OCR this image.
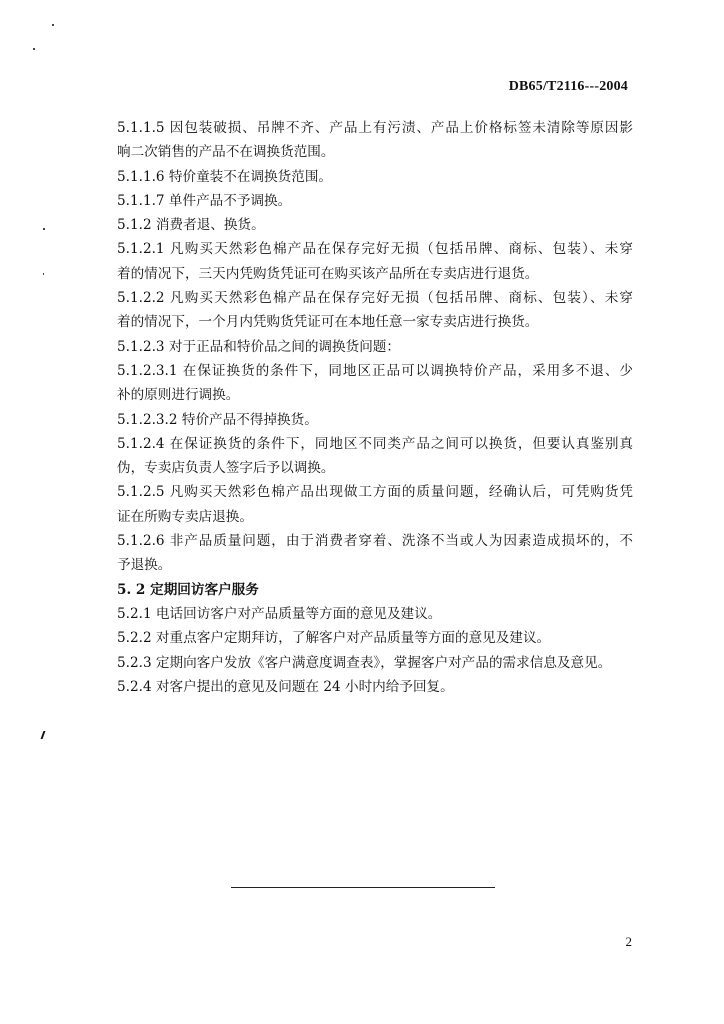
DB65/T2116---2004
5.1.1.5 因包装破损、吊牌不齐、产品上有污渍、产品上价格标签未清除等原因影
响二次销售的产品不在调换货范围。
5.1.1.6 特价童装不在调换货范围。
5.1.1.7 单件产品不予调换。
5.1.2 消费者退、换货。
5.1.2.1 凡购买天然彩色棉产品在保存完好无损（包括吊牌、商标、包装）、未穿
着的情况下，三天内凭购货凭证可在购买该产品所在专卖店进行退货。
5.1.2.2 凡购买天然彩色棉产品在保存完好无损（包括吊牌、商标、包装）、未穿
着的情况下，一个月内凭购货凭证可在本地任意一家专卖店进行换货。
5.1.2.3 对于正品和特价品之间的调换货问题：
5.1.2.3.1 在保证换货的条件下，同地区正品可以调换特价产品，采用多不退、少
补的原则进行调换。
5.1.2.3.2 特价产品不得掉换货。
5.1.2.4 在保证换货的条件下，同地区不同类产品之间可以换货，但要认真鉴别真
伪，专卖店负责人签字后予以调换。
5.1.2.5 凡购买天然彩色棉产品出现做工方面的质量问题，经确认后，可凭购货凭
证在所购专卖店退换。
5.1.2.6 非产品质量问题，由于消费者穿着、洗涤不当或人为因素造成损坏的，不
予退换。
5. 2 定期回访客户服务
5.2.1 电话回访客户对产品质量等方面的意见及建议。
5.2.2 对重点客户定期拜访，了解客户对产品质量等方面的意见及建议。
5.2.3 定期向客户发放《客户满意度调查表》，掌握客户对产品的需求信息及意见。
5.2.4 对客户提出的意见及问题在 24 小时内给予回复。
2
